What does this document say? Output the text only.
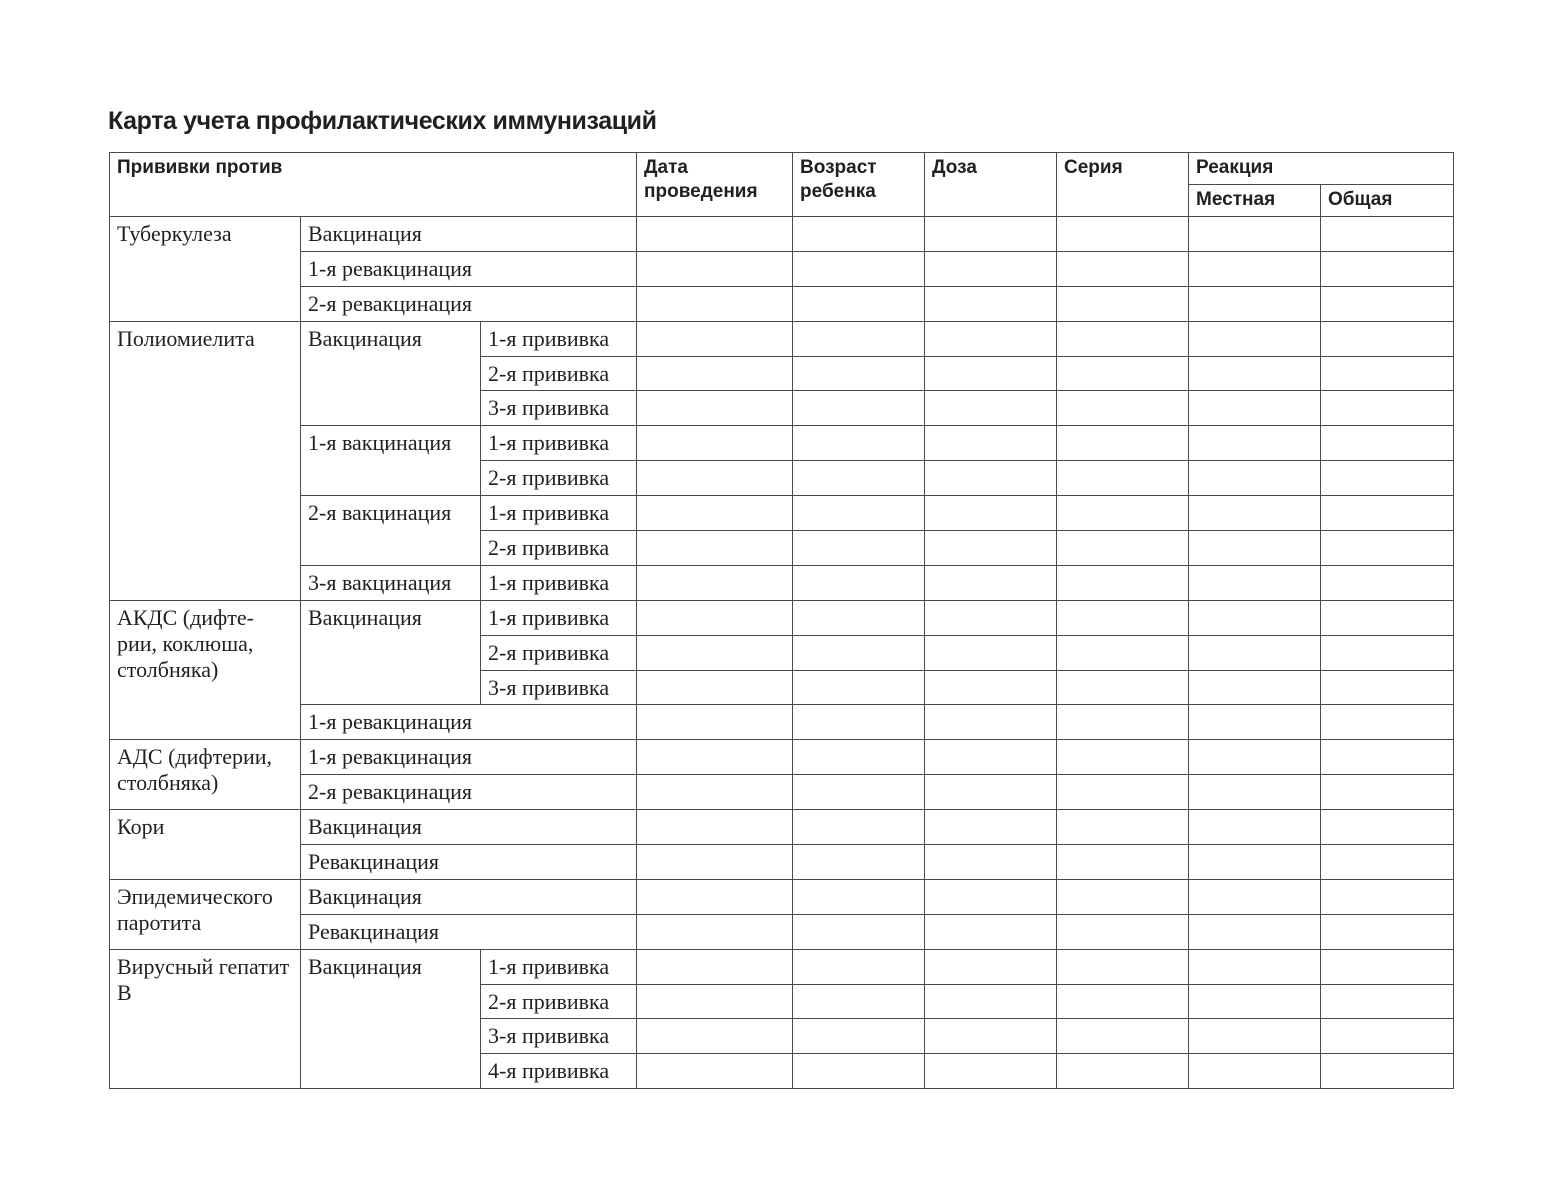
Карта учета профилактических иммунизаций
Прививки против			Дата проведения	Возраст ребенка	Доза	Серия	Реакция	
							Местная	Общая
Туберкулеза	Вакцинация							
	1-я ревакцинация							
	2-я ревакцинация							
Полиомиелита	Вакцинация	1-я прививка						
		2-я прививка						
		3-я прививка						
	1-я вакцинация	1-я прививка						
		2-я прививка						
	2-я вакцинация	1-я прививка						
		2-я прививка						
	3-я вакцинация	1-я прививка						
АКДС (дифте-рии, коклюша, столбняка)	Вакцинация	1-я прививка						
		2-я прививка						
		3-я прививка						
	1-я ревакцинация							
АДС (дифтерии, столбняка)	1-я ревакцинация							
	2-я ревакцинация							
Кори	Вакцинация							
	Ревакцинация							
Эпидемического паротита	Вакцинация							
	Ревакцинация							
Вирусный гепатит В	Вакцинация	1-я прививка						
		2-я прививка						
		3-я прививка						
		4-я прививка						
